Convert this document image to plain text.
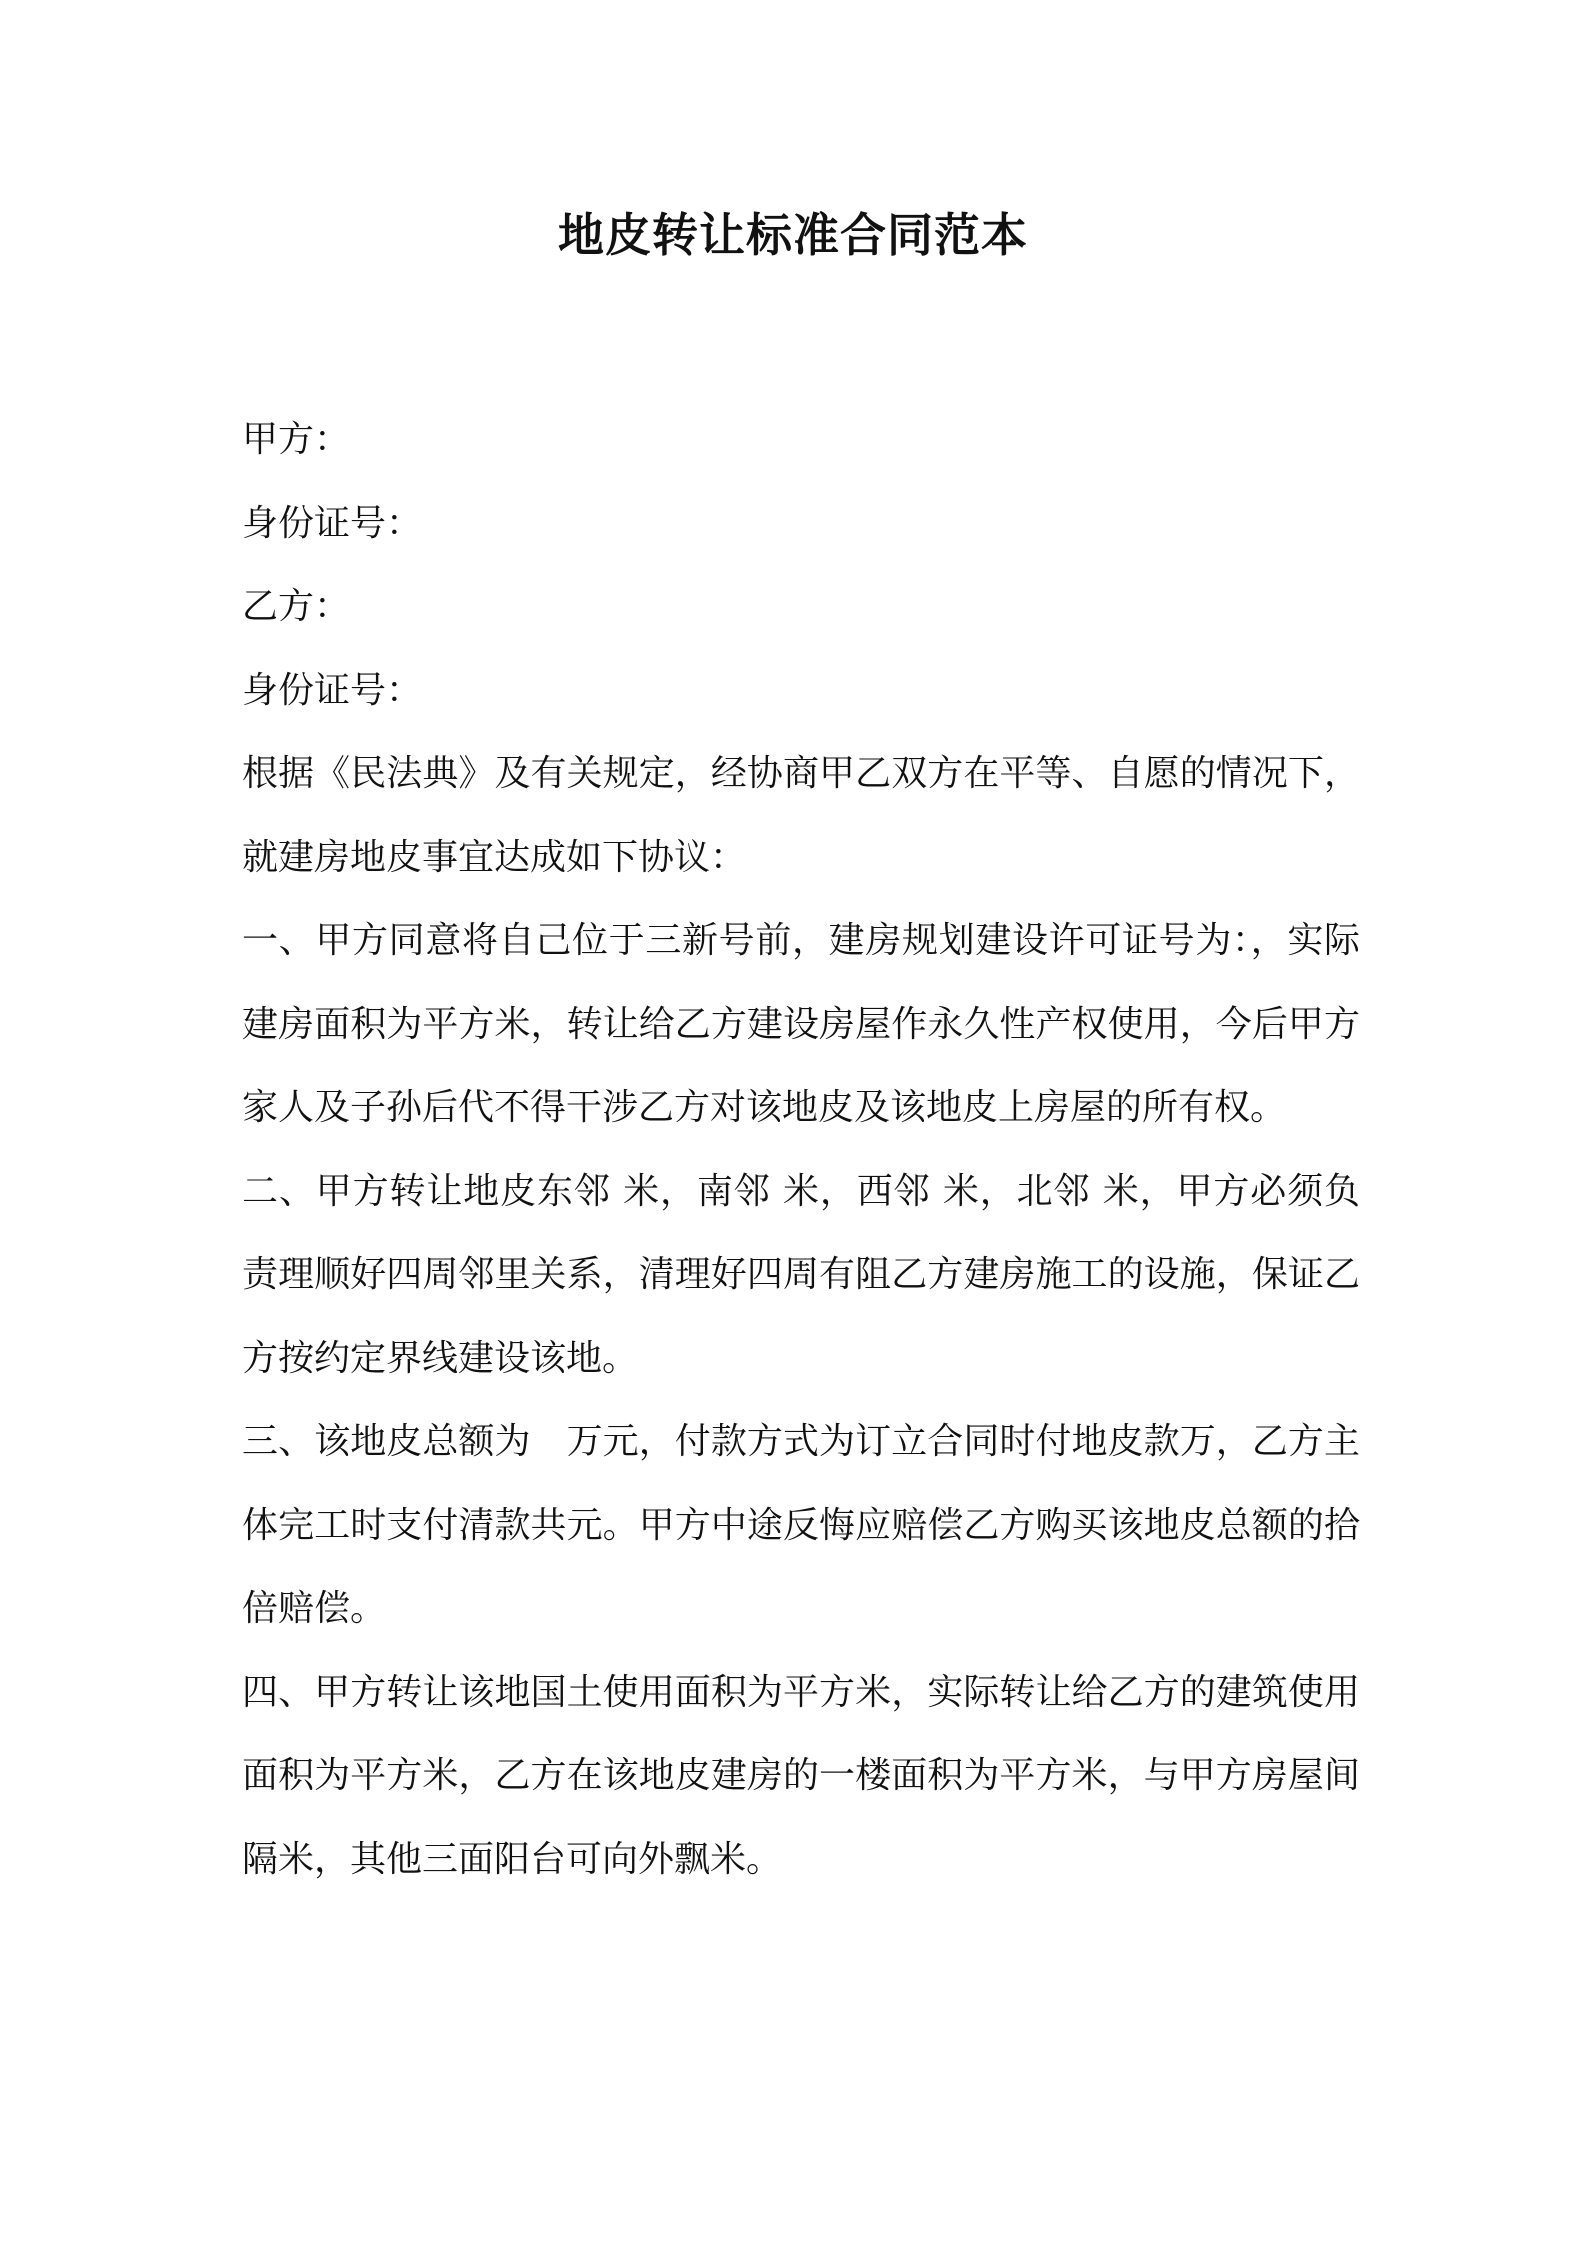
地皮转让标准合同范本

甲方：

身份证号：

乙方：

身份证号：

根据《民法典》及有关规定，经协商甲乙双方在平等、自愿的情况下，就建房地皮事宜达成如下协议：

一、甲方同意将自己位于三新号前，建房规划建设许可证号为：，实际建房面积为平方米，转让给乙方建设房屋作永久性产权使用，今后甲方家人及子孙后代不得干涉乙方对该地皮及该地皮上房屋的所有权。

二、甲方转让地皮东邻 米，南邻 米，西邻 米，北邻 米，甲方必须负责理顺好四周邻里关系，清理好四周有阻乙方建房施工的设施，保证乙方按约定界线建设该地。

三、该地皮总额为　万元，付款方式为订立合同时付地皮款万，乙方主体完工时支付清款共元。甲方中途反悔应赔偿乙方购买该地皮总额的拾倍赔偿。

四、甲方转让该地国土使用面积为平方米，实际转让给乙方的建筑使用面积为平方米，乙方在该地皮建房的一楼面积为平方米，与甲方房屋间隔米，其他三面阳台可向外飘米。
